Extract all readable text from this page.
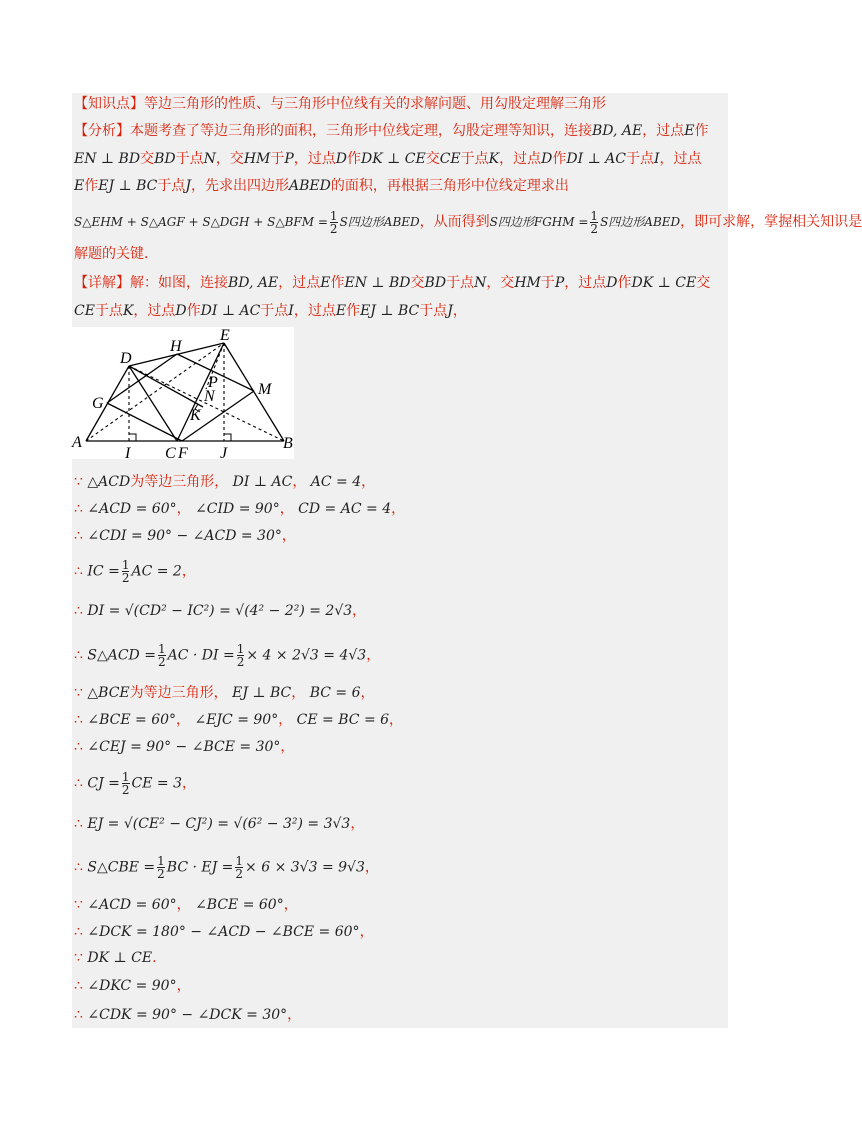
【知识点】等边三角形的性质、与三角形中位线有关的求解问题、用勾股定理解三角形
【分析】本题考查了等边三角形的面积，三角形中位线定理，勾股定理等知识，连接BD, AE，过点E作
EN ⊥ BD交BD于点N，交HM于P，过点D作DK ⊥ CE交CE于点K，过点D作DI ⊥ AC于点I，过点
E作EJ ⊥ BC于点J，先求出四边形ABED的面积，再根据三角形中位线定理求出
S△EHM + S△AGF + S△DGH + S△BFM = $\frac{1}{2}$ S四边形ABED，从而得到S四边形FGHM = $\frac{1}{2}$ S四边形ABED，即可求解，掌握相关知识是
解题的关键．
【详解】解：如图，连接BD, AE，过点E作EN ⊥ BD交BD于点N，交HM于P，过点D作DK ⊥ CE交
CE于点K，过点D作DI ⊥ AC于点I，过点E作EJ ⊥ BC于点J，
D
H
E
P
N	M
G
K
A
I C F J
B
∵ △ACD为等边三角形， DI ⊥ AC， AC = 4，
∴ ∠ACD = 60°， ∠CID = 90°， CD = AC = 4，
∴ ∠CDI = 90° − ∠ACD = 30°，
∴ IC = $\frac{1}{2}$ AC = 2，
∴ DI = √(CD² − IC²) = √(4² − 2²) = 2√3，
∴ S△ACD = $\frac{1}{2}$ AC · DI = $\frac{1}{2} \times 4 \times 2√3 = 4√3$，
∵ △BCE为等边三角形， EJ ⊥ BC， BC = 6，
∴ ∠BCE = 60°， ∠EJC = 90°， CE = BC = 6，
∴ ∠CEJ = 90° − ∠BCE = 30°，
∴ CJ = $\frac{1}{2}$ CE = 3，
∴ EJ = √(CE² − CJ²) = √(6² − 3²) = 3√3，
∴ S△CBE = $\frac{1}{2}$ BC · EJ = $\frac{1}{2} \times 6 \times 3√3 = 9√3$，
∵ ∠ACD = 60°， ∠BCE = 60°，
∴ ∠DCK = 180° − ∠ACD − ∠BCE = 60°，
∵ DK ⊥ CE.
∴ ∠DKC = 90°，
∴ ∠CDK = 90° − ∠DCK = 30°，
